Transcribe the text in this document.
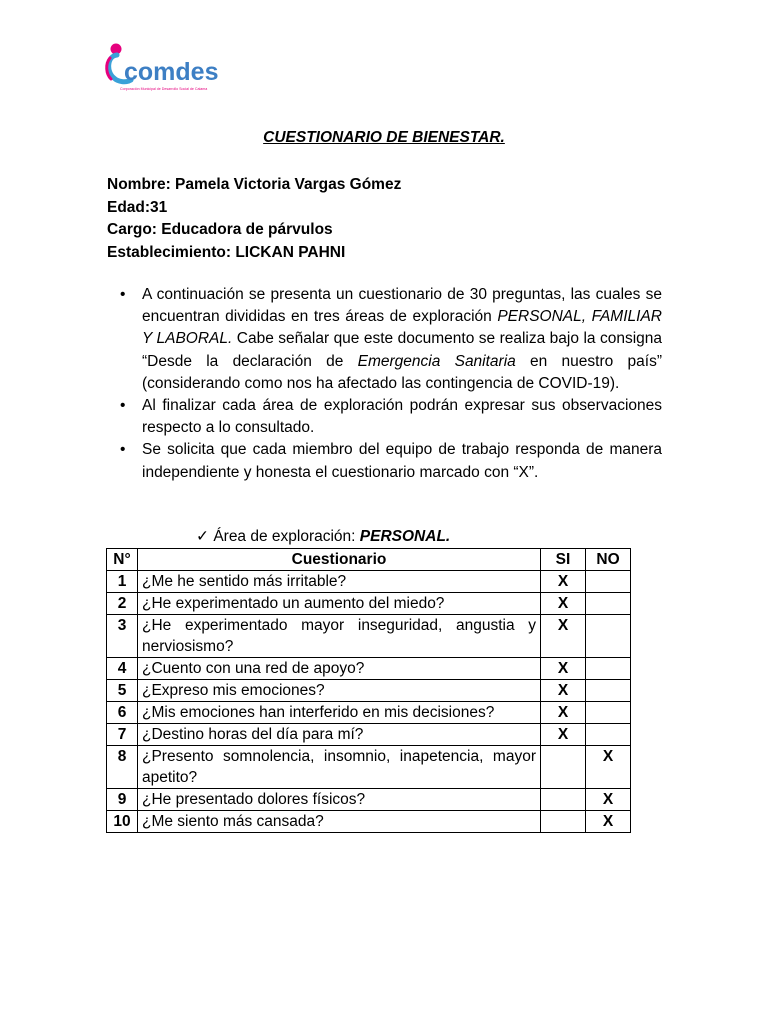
comdes
Corporación Municipal de Desarrollo Social de Calama
CUESTIONARIO DE BIENESTAR.
Nombre: Pamela Victoria Vargas Gómez
Edad:31
Cargo: Educadora de párvulos
Establecimiento: LICKAN PAHNI
• A continuación se presenta un cuestionario de 30 preguntas, las cuales se encuentran divididas en tres áreas de exploración PERSONAL, FAMILIAR Y LABORAL. Cabe señalar que este documento se realiza bajo la consigna “Desde la declaración de Emergencia Sanitaria en nuestro país” (considerando como nos ha afectado las contingencia de COVID-19).
• Al finalizar cada área de exploración podrán expresar sus observaciones respecto a lo consultado.
• Se solicita que cada miembro del equipo de trabajo responda de manera independiente y honesta el cuestionario marcado con “X”.
✓ Área de exploración: PERSONAL.
N°	Cuestionario	SI	NO
1	¿Me he sentido más irritable?	X	
2	¿He experimentado un aumento del miedo?	X	
3	¿He experimentado mayor inseguridad, angustia y nerviosismo?	X	
4	¿Cuento con una red de apoyo?	X	
5	¿Expreso mis emociones?	X	
6	¿Mis emociones han interferido en mis decisiones?	X	
7	¿Destino horas del día para mí?	X	
8	¿Presento somnolencia, insomnio, inapetencia, mayor apetito?		X
9	¿He presentado dolores físicos?		X
10	¿Me siento más cansada?		X
